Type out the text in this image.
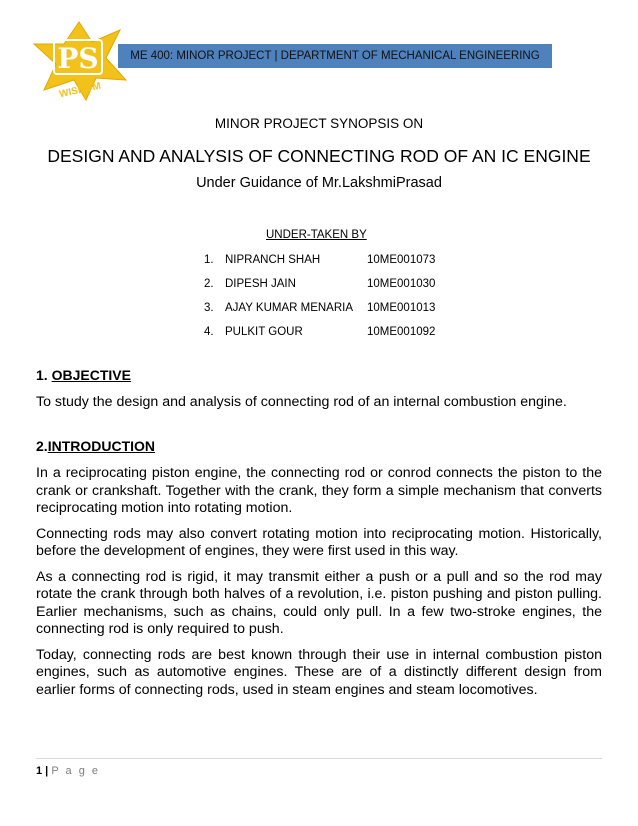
PS
WISDOM
ME 400: MINOR PROJECT | DEPARTMENT OF MECHANICAL ENGINEERING
MINOR PROJECT SYNOPSIS ON
DESIGN AND ANALYSIS OF CONNECTING ROD OF AN IC ENGINE
Under Guidance of Mr.LakshmiPrasad
UNDER-TAKEN BY
1. NIPRANCH SHAH	10ME001073
2. DIPESH JAIN	10ME001030
3. AJAY KUMAR MENARIA 10ME001013
4. PULKIT GOUR	10ME001092
1. OBJECTIVE
To study the design and analysis of connecting rod of an internal combustion engine.
2.INTRODUCTION

In a reciprocating piston engine, the connecting rod or conrod connects the piston to the crank or crankshaft. Together with the crank, they form a simple mechanism that converts reciprocating motion into rotating motion.

Connecting rods may also convert rotating motion into reciprocating motion. Historically, before the development of engines, they were first used in this way.

As a connecting rod is rigid, it may transmit either a push or a pull and so the rod may rotate the crank through both halves of a revolution, i.e. piston pushing and piston pulling. Earlier mechanisms, such as chains, could only pull. In a few two-stroke engines, the connecting rod is only required to push.

Today, connecting rods are best known through their use in internal combustion piston engines, such as automotive engines. These are of a distinctly different design from earlier forms of connecting rods, used in steam engines and steam locomotives.

1 | P a g e
